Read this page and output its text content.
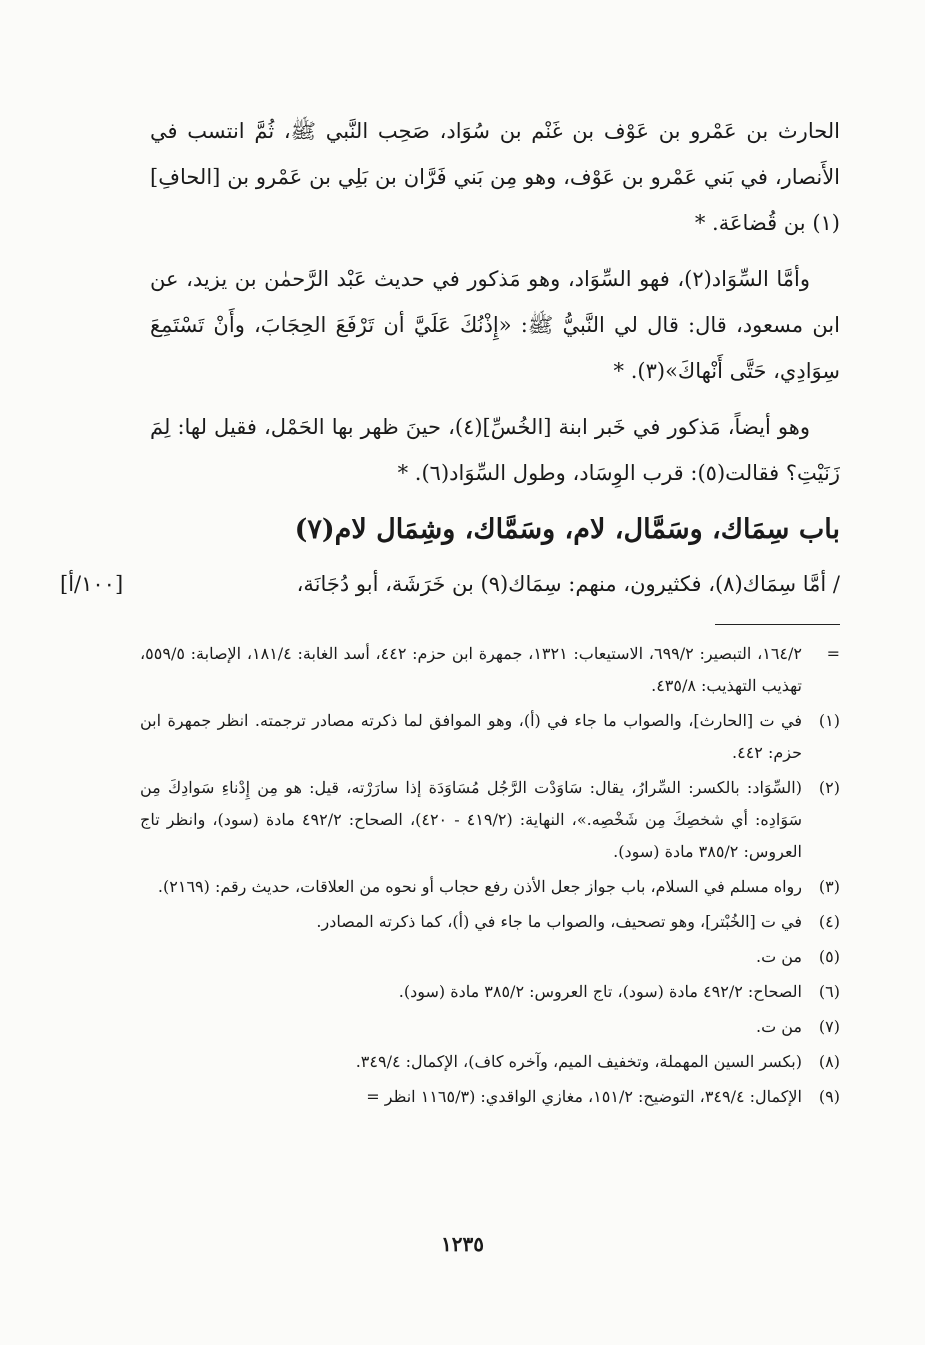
الحارث بن عَمْرو بن عَوْف بن غَنْم بن سُوَاد، صَحِب النَّبي ﷺ، ثُمَّ انتسب في الأَنصار، في بَني عَمْرو بن عَوْف، وهو مِن بَني فَرَّان بن بَلِي بن عَمْرو بن [الحافِ](١) بن قُضاعَة. *

وأمَّا السِّوَاد(٢)، فهو السِّوَاد، وهو مَذكور في حديث عَبْد الرَّحمٰن بن يزيد، عن ابن مسعود، قال: قال لي النَّبيُّ ﷺ: «إِذْنُكَ عَلَيَّ أن تَرْفَعَ الحِجَابَ، وأَنْ تَسْتَمِعَ سِوَادِي، حَتَّى أَنْهاكَ»(٣). *

وهو أيضاً، مَذكور في خَبر ابنة [الخُسِّ](٤)، حينَ ظهر بها الحَمْل، فقيل لها: لِمَ زَنَيْتِ؟ فقالت(٥): قرب الوِسَاد، وطول السِّوَاد(٦). *

باب سِمَاك، وسَمَّال، لام، وسَمَّاك، وشِمَال لام(٧)
/ أمَّا سِمَاك(٨)، فكثيرون، منهم: سِمَاك(٩) بن خَرَشَة، أبو دُجَانَة،
[١٠٠/أ]
=
١٦٤/٢، التبصير: ٦٩٩/٢، الاستيعاب: ١٣٢١، جمهرة ابن حزم: ٤٤٢، أسد الغابة: ١٨١/٤، الإصابة: ٥٥٩/٥، تهذيب التهذيب: ٤٣٥/٨.
(١)
في ت [الحارث]، والصواب ما جاء في (أ)، وهو الموافق لما ذكرته مصادر ترجمته. انظر جمهرة ابن حزم: ٤٤٢.
(٢)
(السِّوَاد: بالكسر: السِّرارُ، يقال: سَاوَدْت الرَّجُل مُسَاوَدَة إذا سارَرْته، قيل: هو مِن إِدْناءِ سَوادِكَ مِن سَوَادِه: أي شخصِكَ مِن شَخْصِه.»، النهاية: (٤١٩/٢ - ٤٢٠)، الصحاح: ٤٩٢/٢ مادة (سود)، وانظر تاج العروس: ٣٨٥/٢ مادة (سود).
(٣)
رواه مسلم في السلام، باب جواز جعل الأذن رفع حجاب أو نحوه من العلاقات، حديث رقم: (٢١٦٩).
(٤)
في ت [الخُبْتر]، وهو تصحيف، والصواب ما جاء في (أ)، كما ذكرته المصادر.
(٥)
من ت.
(٦)
الصحاح: ٤٩٢/٢ مادة (سود)، تاج العروس: ٣٨٥/٢ مادة (سود).
(٧)
من ت.
(٨)
(بكسر السين المهملة، وتخفيف الميم، وآخره كاف)، الإكمال: ٣٤٩/٤.
(٩)
الإكمال: ٣٤٩/٤، التوضيح: ١٥١/٢، مغازي الواقدي: (١١٦٥/٣ انظر =
١٢٣٥
